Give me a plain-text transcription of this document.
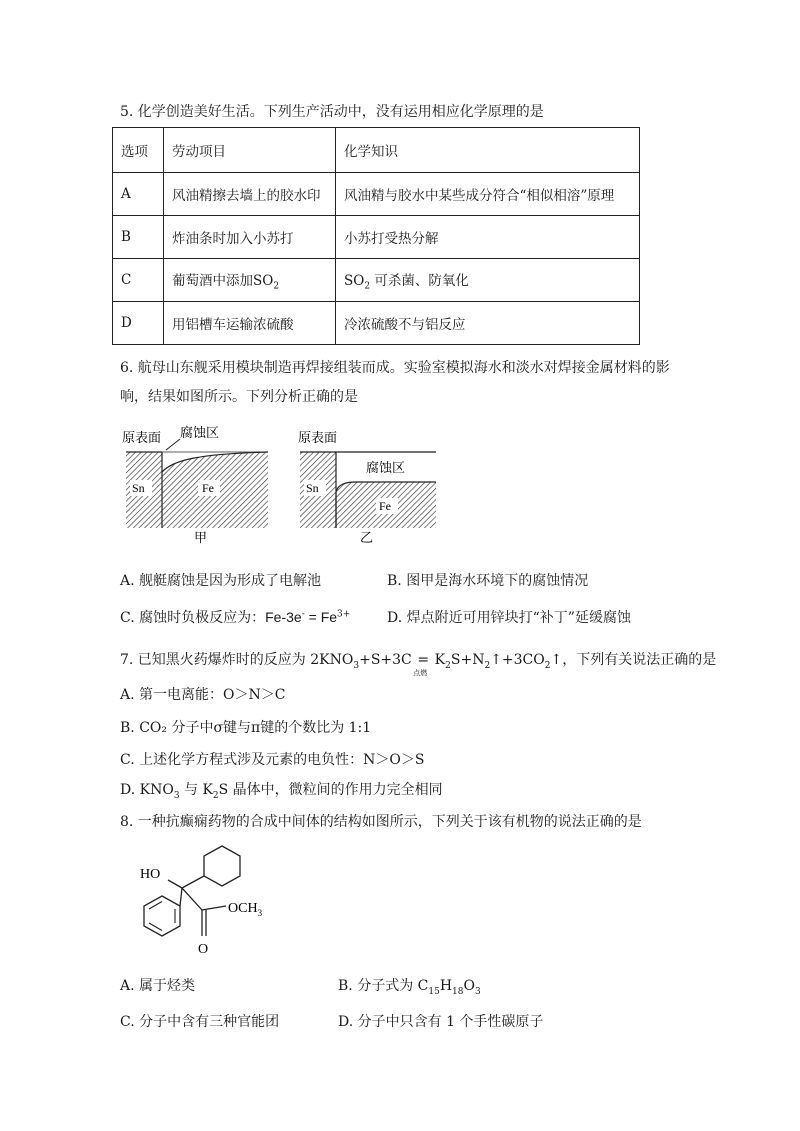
5. 化学创造美好生活。下列生产活动中，没有运用相应化学原理的是
选项	劳动项目	化学知识
A	风油精擦去墙上的胶水印	风油精与胶水中某些成分符合“相似相溶”原理
B	炸油条时加入小苏打	小苏打受热分解
C	葡萄酒中添加$SO_2$	$SO_2$ 可杀菌、防氧化
D	用铝槽车运输浓硫酸	冷浓硫酸不与铝反应
6. 航母山东舰采用模块制造再焊接组装而成。实验室模拟海水和淡水对焊接金属材料的影
响，结果如图所示。下列分析正确的是
Sn	Fe
原表面 腐蚀区
甲
Sn
Fe
原表面
腐蚀区
乙
A. 舰艇腐蚀是因为形成了电解池	B. 图甲是海水环境下的腐蚀情况
C. 腐蚀时负极反应为：$Fe-3e^- = Fe^{3+}$	D. 焊点附近可用锌块打“补丁”延缓腐蚀
7. 已知黑火药爆炸时的反应为 $2KNO_3+S+3C$ =
点燃
$K_2S+N_2↑+3CO_2↑$，下列有关说法正确的是
A. 第一电离能：O＞N＞C
B. CO₂ 分子中σ键与π键的个数比为 1:1
C. 上述化学方程式涉及元素的电负性：N＞O＞S
D. $KNO_3$ 与 $K_2S$ 晶体中，微粒间的作用力完全相同
8. 一种抗癫痫药物的合成中间体的结构如图所示，下列关于该有机物的说法正确的是
HO
O
$OCH_3$
A. 属于烃类	B. 分子式为 $C_{15}H_{18}O_3$
C. 分子中含有三种官能团	D. 分子中只含有 1 个手性碳原子
